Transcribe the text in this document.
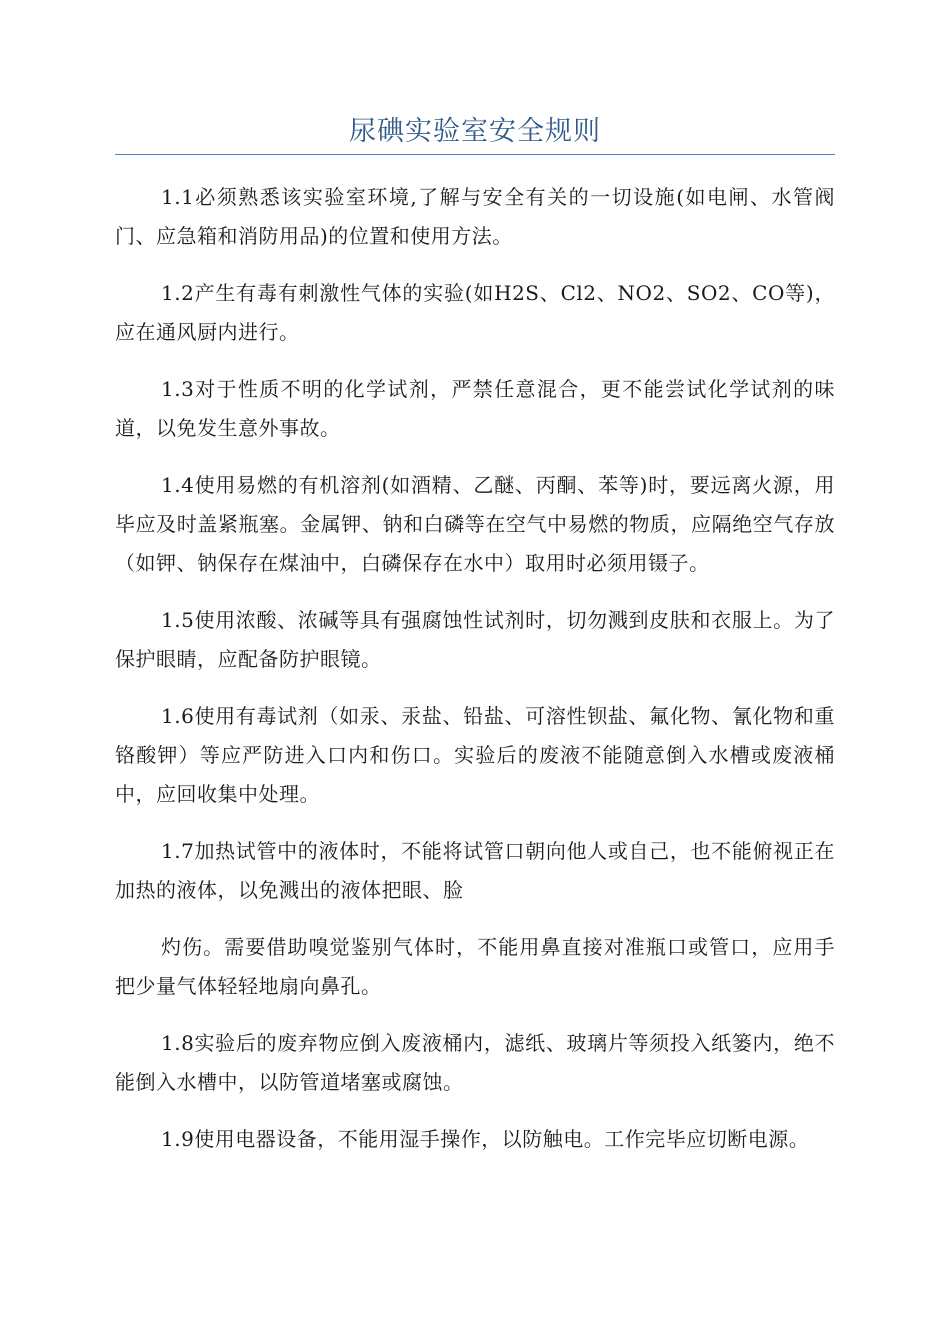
尿碘实验室安全规则

1.1必须熟悉该实验室环境,了解与安全有关的一切设施(如电闸、水管阀门、应急箱和消防用品)的位置和使用方法。

1.2产生有毒有刺激性气体的实验(如H2S、Cl2、NO2、SO2、CO等)，应在通风厨内进行。

1.3对于性质不明的化学试剂，严禁任意混合，更不能尝试化学试剂的味道，以免发生意外事故。

1.4使用易燃的有机溶剂(如酒精、乙醚、丙酮、苯等)时，要远离火源，用毕应及时盖紧瓶塞。金属钾、钠和白磷等在空气中易燃的物质，应隔绝空气存放（如钾、钠保存在煤油中，白磷保存在水中）取用时必须用镊子。

1.5使用浓酸、浓碱等具有强腐蚀性试剂时，切勿溅到皮肤和衣服上。为了保护眼睛，应配备防护眼镜。

1.6使用有毒试剂（如汞、汞盐、铅盐、可溶性钡盐、氟化物、氰化物和重铬酸钾）等应严防进入口内和伤口。实验后的废液不能随意倒入水槽或废液桶中，应回收集中处理。

1.7加热试管中的液体时，不能将试管口朝向他人或自己，也不能俯视正在加热的液体，以免溅出的液体把眼、脸

灼伤。需要借助嗅觉鉴别气体时，不能用鼻直接对准瓶口或管口，应用手把少量气体轻轻地扇向鼻孔。

1.8实验后的废弃物应倒入废液桶内，滤纸、玻璃片等须投入纸篓内，绝不能倒入水槽中，以防管道堵塞或腐蚀。

1.9使用电器设备，不能用湿手操作，以防触电。工作完毕应切断电源。
